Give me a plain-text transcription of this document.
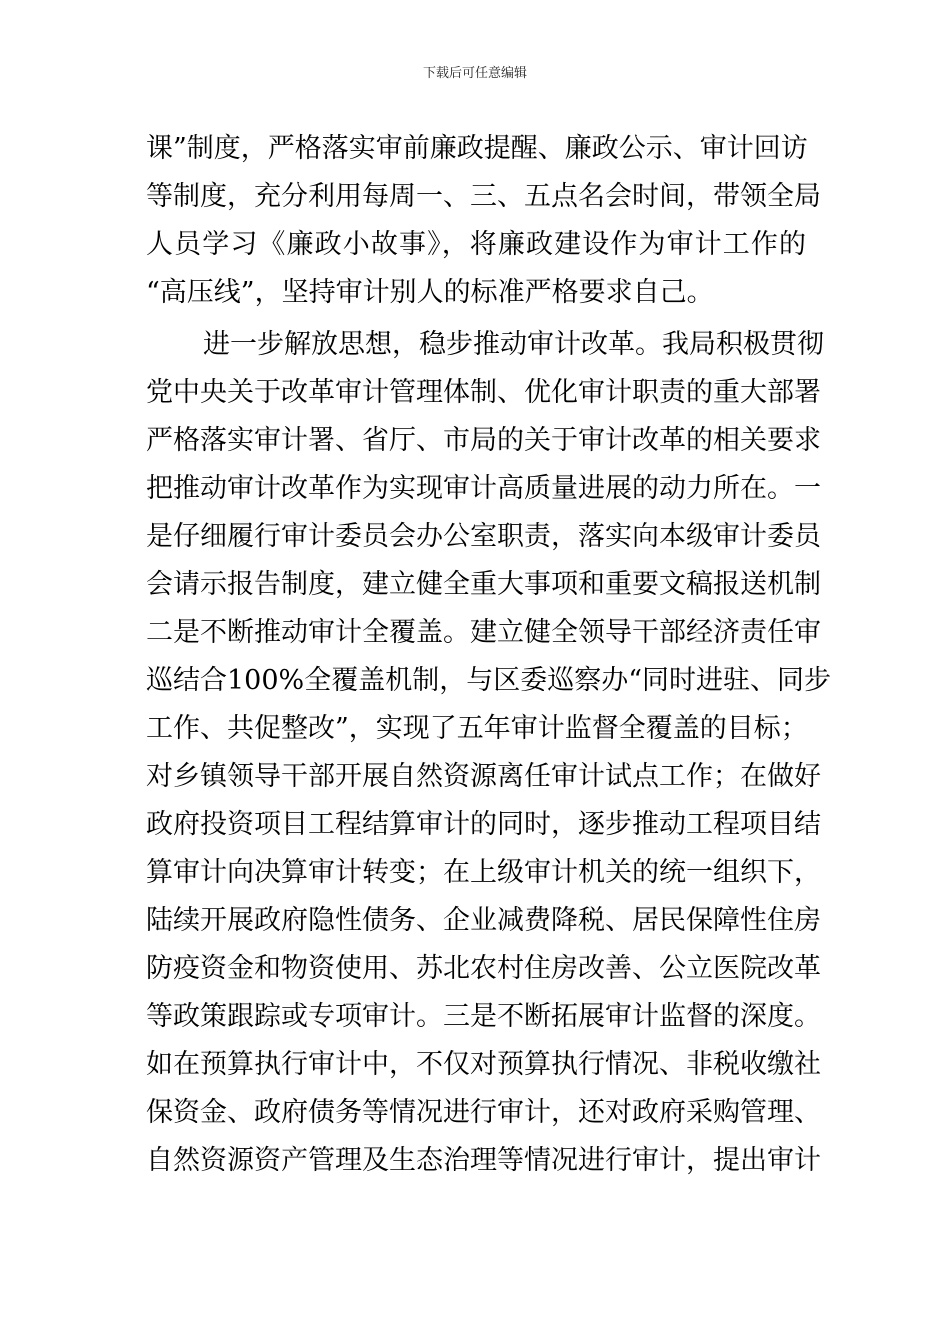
下载后可任意编辑
课”制度，严格落实审前廉政提醒、廉政公示、审计回访
等制度，充分利用每周一、三、五点名会时间，带领全局
人员学习《廉政小故事》，将廉政建设作为审计工作的
“高压线”，坚持审计别人的标准严格要求自己。
进一步解放思想，稳步推动审计改革。我局积极贯彻
党中央关于改革审计管理体制、优化审计职责的重大部署
严格落实审计署、省厅、市局的关于审计改革的相关要求
把推动审计改革作为实现审计高质量进展的动力所在。一
是仔细履行审计委员会办公室职责，落实向本级审计委员
会请示报告制度，建立健全重大事项和重要文稿报送机制
二是不断推动审计全覆盖。建立健全领导干部经济责任审
巡结合100%全覆盖机制，与区委巡察办“同时进驻、同步
工作、共促整改”，实现了五年审计监督全覆盖的目标；
对乡镇领导干部开展自然资源离任审计试点工作；在做好
政府投资项目工程结算审计的同时，逐步推动工程项目结
算审计向决算审计转变；在上级审计机关的统一组织下，
陆续开展政府隐性债务、企业减费降税、居民保障性住房
防疫资金和物资使用、苏北农村住房改善、公立医院改革
等政策跟踪或专项审计。三是不断拓展审计监督的深度。
如在预算执行审计中，不仅对预算执行情况、非税收缴社
保资金、政府债务等情况进行审计，还对政府采购管理、
自然资源资产管理及生态治理等情况进行审计，提出审计
